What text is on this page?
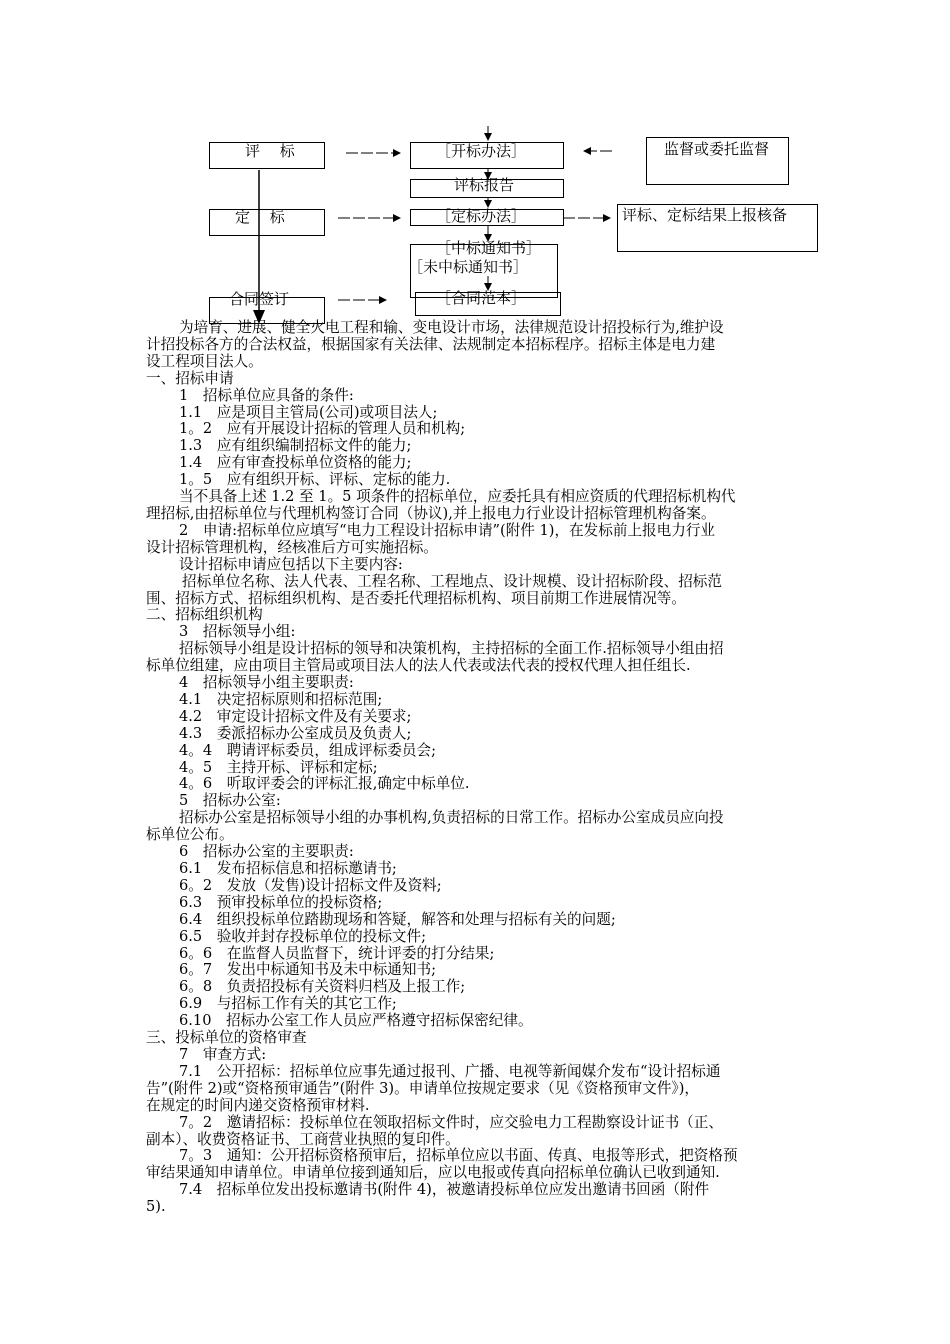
评　 标	［开标办法］	监督或委托监督
评标报告
定　 标	［定标办法］	评标、定标结果上报核备
［中标通知书］
［未中标通知书］
合同签订	［合同范本］

为培育、进展、健全火电工程和输、变电设计市场，法律规范设计招投标行为,维护设

计招投标各方的合法权益，根据国家有关法律、法规制定本招标程序。招标主体是电力建

设工程项目法人。

一、招标申请

1　招标单位应具备的条件:

1.1　应是项目主管局(公司)或项目法人;

1。2　应有开展设计招标的管理人员和机构;

1.3　应有组织编制招标文件的能力;

1.4　应有审查投标单位资格的能力;

1。5　应有组织开标、评标、定标的能力.

当不具备上述 1.2 至 1。5 项条件的招标单位，应委托具有相应资质的代理招标机构代

理招标,由招标单位与代理机构签订合同（协议),并上报电力行业设计招标管理机构备案。

2　申请:招标单位应填写“电力工程设计招标申请”(附件 1)，在发标前上报电力行业

设计招标管理机构，经核准后方可实施招标。

设计招标申请应包括以下主要内容:

招标单位名称、法人代表、工程名称、工程地点、设计规模、设计招标阶段、招标范

围、招标方式、招标组织机构、是否委托代理招标机构、项目前期工作进展情况等。

二、招标组织机构

3　招标领导小组:

招标领导小组是设计招标的领导和决策机构，主持招标的全面工作.招标领导小组由招

标单位组建，应由项目主管局或项目法人的法人代表或法代表的授权代理人担任组长.

4　招标领导小组主要职责:

4.1　决定招标原则和招标范围;

4.2　审定设计招标文件及有关要求;

4.3　委派招标办公室成员及负责人;

4。4　聘请评标委员，组成评标委员会;

4。5　主持开标、评标和定标;

4。6　听取评委会的评标汇报,确定中标单位.

5　招标办公室:

招标办公室是招标领导小组的办事机构,负责招标的日常工作。招标办公室成员应向投

标单位公布。

6　招标办公室的主要职责:

6.1　发布招标信息和招标邀请书;

6。2　发放（发售)设计招标文件及资料;

6.3　预审投标单位的投标资格;

6.4　组织投标单位踏勘现场和答疑，解答和处理与招标有关的问题;

6.5　验收并封存投标单位的投标文件;

6。6　在监督人员监督下，统计评委的打分结果;

6。7　发出中标通知书及未中标通知书;

6。8　负责招投标有关资料归档及上报工作;

6.9　与招标工作有关的其它工作;

6.10　招标办公室工作人员应严格遵守招标保密纪律。

三、投标单位的资格审查

7　审查方式:

7.1　公开招标：招标单位应事先通过报刊、广播、电视等新闻媒介发布“设计招标通

告”(附件 2)或“资格预审通告”(附件 3)。申请单位按规定要求（见《资格预审文件》)，

在规定的时间内递交资格预审材料.

7。2　邀请招标：投标单位在领取招标文件时，应交验电力工程勘察设计证书（正、

副本）、收费资格证书、工商营业执照的复印件。

7。3　通知：公开招标资格预审后，招标单位应以书面、传真、电报等形式，把资格预

审结果通知申请单位。申请单位接到通知后，应以电报或传真向招标单位确认已收到通知.

7.4　招标单位发出投标邀请书(附件 4)，被邀请投标单位应发出邀请书回函（附件

5).
